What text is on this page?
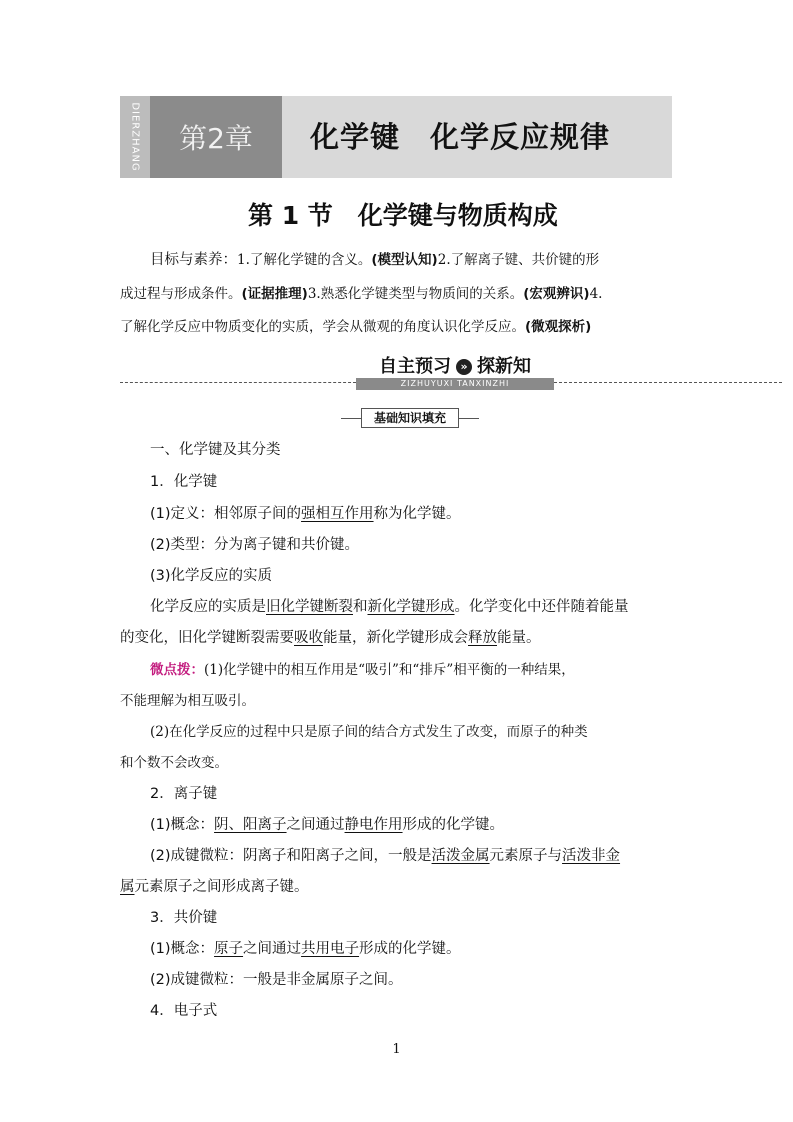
DIERZHANG 第2章 化学键　化学反应规律
第 1 节　化学键与物质构成
目标与素养：1.了解化学键的含义。(模型认知)2.了解离子键、共价键的形
成过程与形成条件。(证据推理)3.熟悉化学键类型与物质间的关系。(宏观辨识)4.
了解化学反应中物质变化的实质，学会从微观的角度认识化学反应。(微观探析)
自主预习 » 探新知
ZIZHUYUXI TANXINZHI
基础知识填充
一、化学键及其分类
1．化学键
(1)定义：相邻原子间的强相互作用称为化学键。
(2)类型：分为离子键和共价键。
(3)化学反应的实质
化学反应的实质是旧化学键断裂和新化学键形成。化学变化中还伴随着能量
的变化，旧化学键断裂需要吸收能量，新化学键形成会释放能量。
微点拨：(1)化学键中的相互作用是“吸引”和“排斥”相平衡的一种结果，
不能理解为相互吸引。
(2)在化学反应的过程中只是原子间的结合方式发生了改变，而原子的种类
和个数不会改变。
2．离子键
(1)概念：阴、阳离子之间通过静电作用形成的化学键。
(2)成键微粒：阴离子和阳离子之间，一般是活泼金属元素原子与活泼非金
属元素原子之间形成离子键。
3．共价键
(1)概念：原子之间通过共用电子形成的化学键。
(2)成键微粒：一般是非金属原子之间。
4．电子式
1
